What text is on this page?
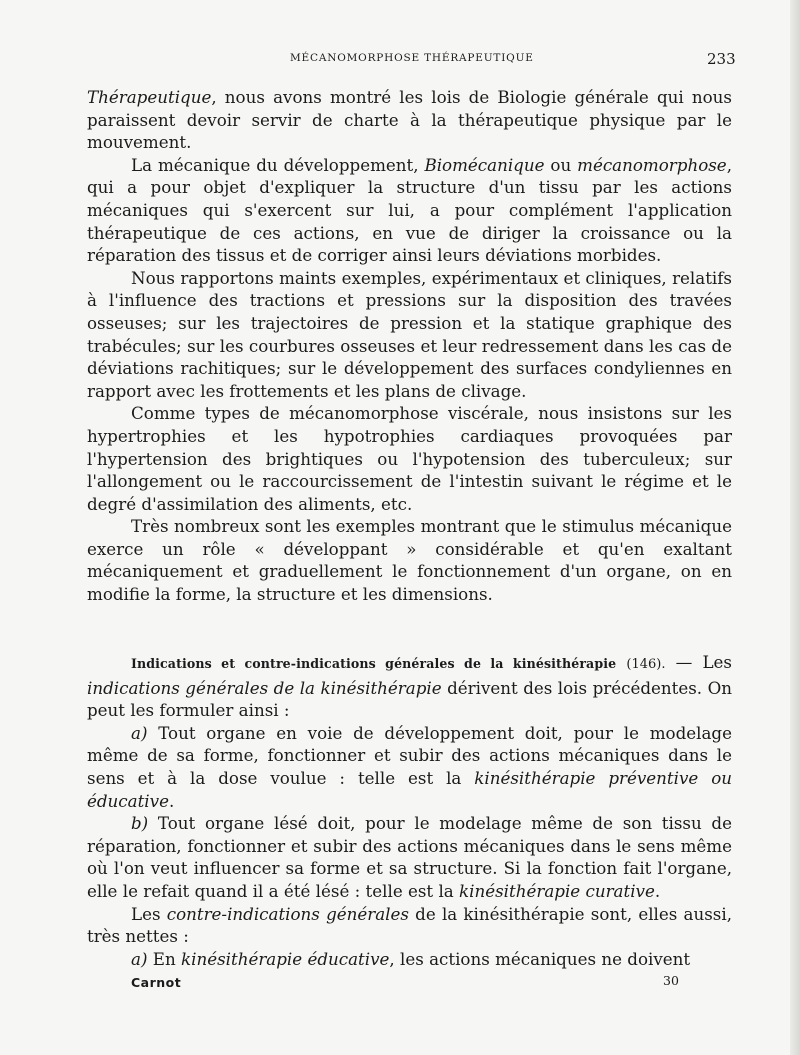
MÉCANOMORPHOSE THÉRAPEUTIQUE	233

Thérapeutique, nous avons montré les lois de Biologie générale qui nous paraissent devoir servir de charte à la thérapeutique physique par le mouvement.

La mécanique du développement, Biomécanique ou mécanomorphose, qui a pour objet d'expliquer la structure d'un tissu par les actions mécaniques qui s'exercent sur lui, a pour complément l'application thérapeutique de ces actions, en vue de diriger la croissance ou la réparation des tissus et de corriger ainsi leurs déviations morbides.

Nous rapportons maints exemples, expérimentaux et cliniques, relatifs à l'influence des tractions et pressions sur la disposition des travées osseuses; sur les trajectoires de pression et la statique graphique des trabécules; sur les courbures osseuses et leur redressement dans les cas de déviations rachitiques; sur le développement des surfaces condyliennes en rapport avec les frottements et les plans de clivage.

Comme types de mécanomorphose viscérale, nous insistons sur les hypertrophies et les hypotrophies cardiaques provoquées par l'hypertension des brightiques ou l'hypotension des tuberculeux; sur l'allongement ou le raccourcissement de l'intestin suivant le régime et le degré d'assimilation des aliments, etc.

Très nombreux sont les exemples montrant que le stimulus mécanique exerce un rôle « développant » considérable et qu'en exaltant mécaniquement et graduellement le fonctionnement d'un organe, on en modifie la forme, la structure et les dimensions.

Indications et contre-indications générales de la kinésithérapie (146). — Les indications générales de la kinésithérapie dérivent des lois précédentes. On peut les formuler ainsi :

a) Tout organe en voie de développement doit, pour le modelage même de sa forme, fonctionner et subir des actions mécaniques dans le sens et à la dose voulue : telle est la kinésithérapie préventive ou éducative.

b) Tout organe lésé doit, pour le modelage même de son tissu de réparation, fonctionner et subir des actions mécaniques dans le sens même où l'on veut influencer sa forme et sa structure. Si la fonction fait l'organe, elle le refait quand il a été lésé : telle est la kinésithérapie curative.

Les contre-indications générales de la kinésithérapie sont, elles aussi, très nettes :

a) En kinésithérapie éducative, les actions mécaniques ne doivent

Carnot	30
